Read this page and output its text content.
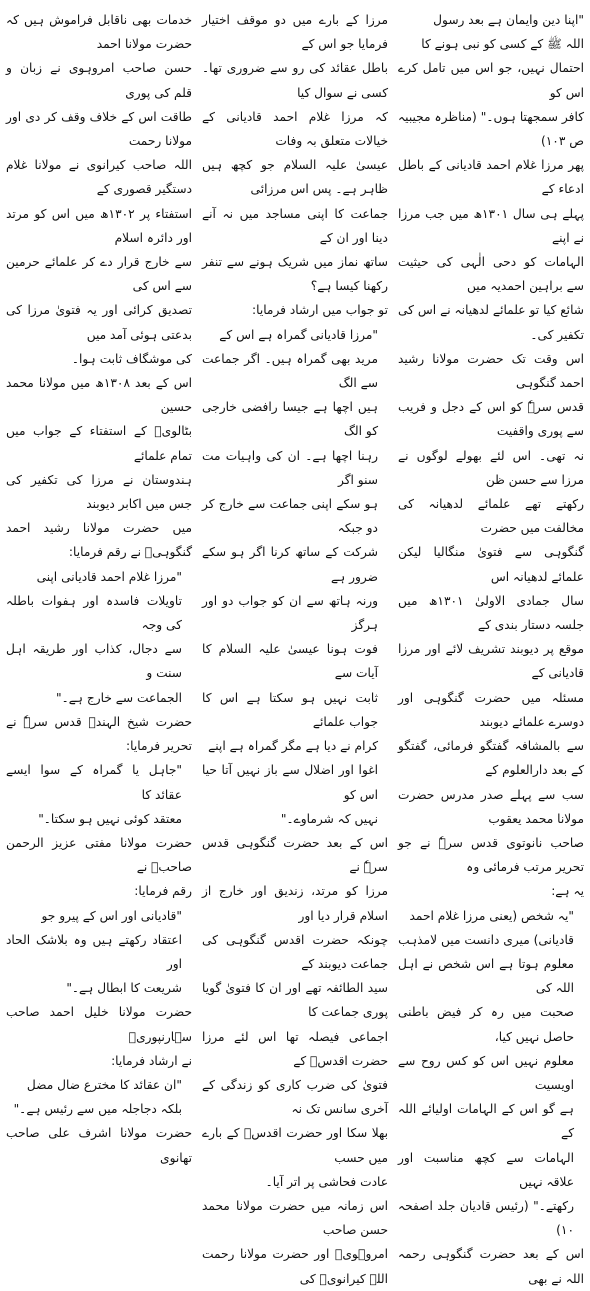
"اپنا دین وایمان ہے بعد رسول

اللہ ﷺ کے کسی کو نبی ہونے کا

احتمال نہیں، جو اس میں تامل کرے اس کو

کافر سمجھتا ہوں۔" (مناظرہ مجیبیہ ص ۱۰۳)

پھر مرزا غلام احمد قادیانی کے باطل ادعاء کے

پہلے ہی سال ۱۳۰۱ھ میں جب مرزا نے اپنے

الہامات کو دحی الٰہی کی حیثیت سے براہین احمدیہ میں

شائع کیا تو علمائے لدھیانہ نے اس کی تکفیر کی۔

اس وقت تک حضرت مولانا رشید احمد گنگوہی

قدس سرہٗ کو اس کے دجل و فریب سے پوری واقفیت

نہ تھی۔ اس لئے بھولے لوگوں نے مرزا سے حسن ظن

رکھتے تھے علمائے لدھیانہ کی مخالفت میں حضرت

گنگوہی سے فتویٰ منگالیا لیکن علمائے لدھیانہ اس

سال جمادی الاولیٰ ۱۳۰۱ھ میں جلسہ دستار بندی کے

موقع پر دیوبند تشریف لائے اور مرزا قادیانی کے

مسئلہ میں حضرت گنگوہی اور دوسرے علمائے دیوبند

سے بالمشافہ گفتگو فرمائی، گفتگو کے بعد دارالعلوم کے

سب سے پہلے صدر مدرس حضرت مولانا محمد یعقوب

صاحب نانوتوی قدس سرہٗ نے جو تحریر مرتب فرمائی وہ

یہ ہے:

"یہ شخص (یعنی مرزا غلام احمد

قادیانی) میری دانست میں لامذہب

معلوم ہوتا ہے اس شخص نے اہل اللہ کی

صحبت میں رہ کر فیض باطنی حاصل نہیں کیا،

معلوم نہیں اس کو کس روح سے اویسیت

ہے گو اس کے الہامات اولیائے اللہ کے

الہامات سے کچھ مناسبت اور علاقہ نہیں

رکھتے۔" (رئیس قادیان جلد اصفحہ ۱۰)

اس کے بعد حضرت گنگوہی رحمہ اللہ نے بھی

مرزا کے بارے میں دو موقف اختیار فرمایا جو اس کے

باطل عقائد کی رو سے ضروری تھا۔ کسی نے سوال کیا

کہ مرزا غلام احمد قادیانی کے خیالات متعلق بہ وفات

عیسیٰ علیہ السلام جو کچھ ہیں ظاہر ہے۔ پس اس مرزائی

جماعت کا اپنی مساجد میں نہ آنے دینا اور ان کے

ساتھ نماز میں شریک ہونے سے تنفر رکھنا کیسا ہے؟

تو جواب میں ارشاد فرمایا:

"مرزا قادیانی گمراہ ہے اس کے

مرید بھی گمراہ ہیں۔ اگر جماعت سے الگ

ہیں اچھا ہے جیسا رافضی خارجی کو الگ

رہنا اچھا ہے۔ ان کی واہیات مت سنو اگر

ہو سکے اپنی جماعت سے خارج کر دو جبکہ

شرکت کے ساتھ کرنا اگر ہو سکے ضرور ہے

ورنہ ہاتھ سے ان کو جواب دو اور ہرگز

فوت ہونا عیسیٰ علیہ السلام کا آیات سے

ثابت نہیں ہو سکتا ہے اس کا جواب علمائے

کرام نے دیا ہے مگر گمراہ ہے اپنے

اغوا اور اضلال سے باز نہیں آتا حیا اس کو

نہیں کہ شرماوے۔"

اس کے بعد حضرت گنگوہی قدس سرہٗ نے

مرزا کو مرتد، زندیق اور خارج از اسلام قرار دیا اور

چونکہ حضرت اقدس گنگوہی کی جماعت دیوبند کے

سید الطائفہ تھے اور ان کا فتویٰ گویا پوری جماعت کا

اجماعی فیصلہ تھا اس لئے مرزا حضرت اقدسؒ کے

فتویٰ کی ضرب کاری کو زندگی کے آخری سانس تک نہ

بھلا سکا اور حضرت اقدسؒ کے بارے میں حسب

عادت فحاشی پر اتر آیا۔

اس زمانہ میں حضرت مولانا محمد حسن صاحب

امروہویؒ اور حضرت مولانا رحمت اللہ کیرانویؒ کی

خدمات بھی ناقابل فراموش ہیں کہ حضرت مولانا احمد

حسن صاحب امروہوی نے زبان و قلم کی پوری

طاقت اس کے خلاف وقف کر دی اور مولانا رحمت

اللہ صاحب کیرانوی نے مولانا غلام دستگیر قصوری کے

استفتاء پر ۱۳۰۲ھ میں اس کو مرتد اور دائرہ اسلام

سے خارج قرار دے کر علمائے حرمین سے اس کی

تصدیق کرائی اور یہ فتویٰ مرزا کی بدعتی ہوئی آمد میں

کی موشگاف ثابت ہوا۔

اس کے بعد ۱۳۰۸ھ میں مولانا محمد حسین

بٹالویؒ کے استفتاء کے جواب میں تمام علمائے

ہندوستان نے مرزا کی تکفیر کی جس میں اکابر دیوبند

میں حضرت مولانا رشید احمد گنگوہیؒ نے رقم فرمایا:

"مرزا غلام احمد قادیانی اپنی

تاویلات فاسدہ اور ہفوات باطلہ کی وجہ

سے دجال، کذاب اور طریقہ اہل سنت و

الجماعت سے خارج ہے۔"

حضرت شیخ الہندؒ قدس سرہٗ نے تحریر فرمایا:

"جاہل یا گمراہ کے سوا ایسے عقائد کا

معتقد کوئی نہیں ہو سکتا۔"

حضرت مولانا مفتی عزیز الرحمن صاحبؒ نے

رقم فرمایا:

"قادیانی اور اس کے پیرو جو

اعتقاد رکھتے ہیں وہ بلاشک الحاد اور

شریعت کا ابطال ہے۔"

حضرت مولانا خلیل احمد صاحب سہارنپوریؒ

نے ارشاد فرمایا:

"ان عقائد کا مخترع ضال مضل

بلکہ دجاجلہ میں سے رئیس ہے۔"

حضرت مولانا اشرف علی صاحب تھانوی
